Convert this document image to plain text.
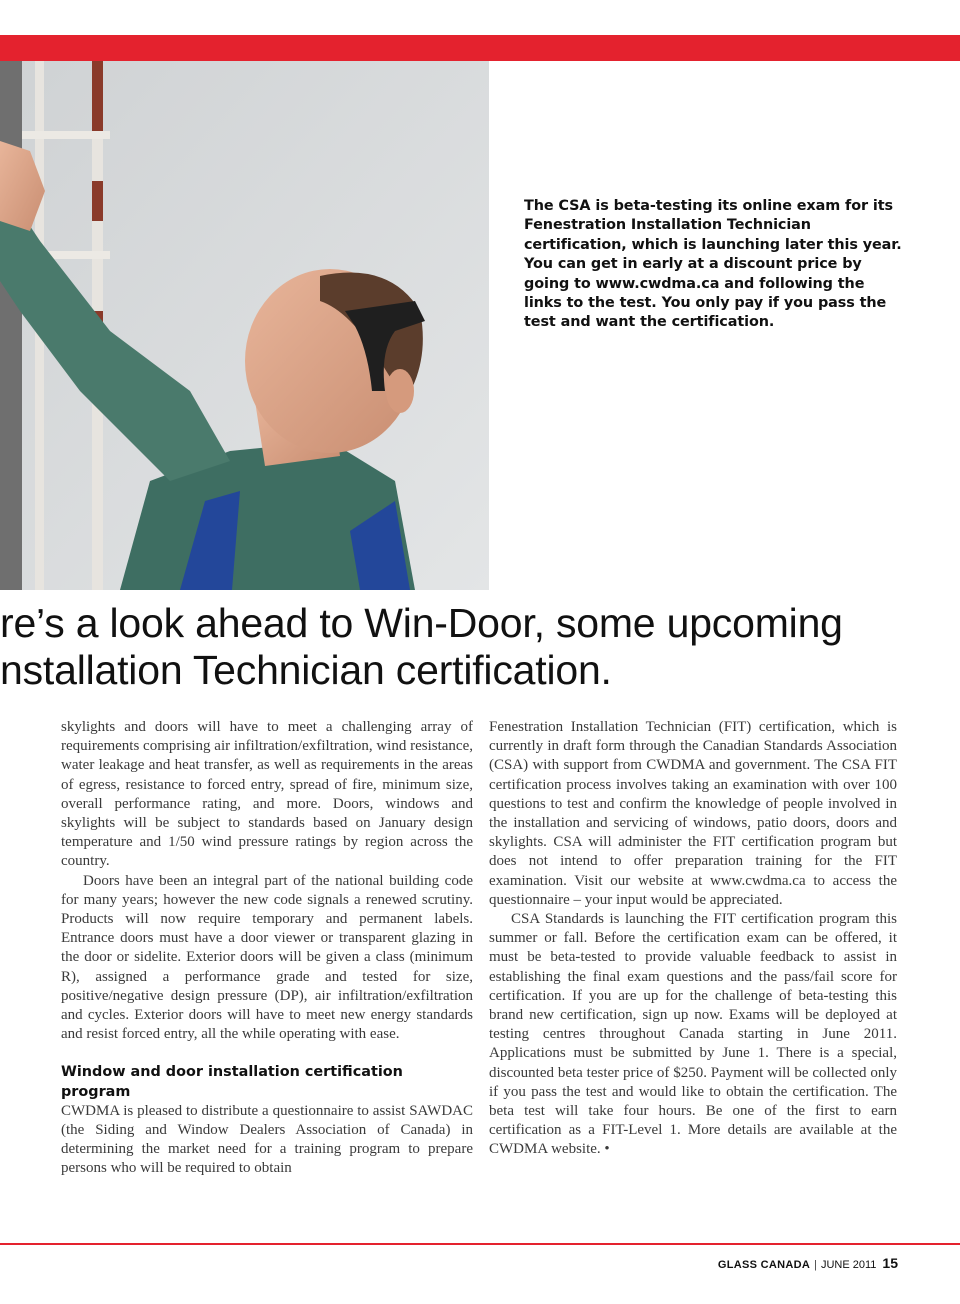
The CSA is beta-testing its online exam for its Fenestration Installation Technician certification, which is launching later this year. You can get in early at a discount price by going to www.cwdma.ca and following the links to the test. You only pay if you pass the test and want the certification.

re’s a look ahead to Win-Door, some upcoming
nstallation Technician certification.

skylights and doors will have to meet a challenging array of requirements comprising air infiltration/exfiltration, wind resistance, water leakage and heat transfer, as well as requirements in the areas of egress, resistance to forced entry, spread of fire, minimum size, overall performance rating, and more. Doors, windows and skylights will be subject to standards based on January design temperature and 1/50 wind pressure ratings by region across the country.

Doors have been an integral part of the national building code for many years; however the new code signals a renewed scrutiny. Products will now require temporary and permanent labels. Entrance doors must have a door viewer or transparent glazing in the door or sidelite. Exterior doors will be given a class (minimum R), assigned a performance grade and tested for size, positive/negative design pressure (DP), air infiltration/exfiltration and cycles. Exterior doors will have to meet new energy standards and resist forced entry, all the while operating with ease.

Window and door installation certification program

CWDMA is pleased to distribute a questionnaire to assist SAWDAC (the Siding and Window Dealers Association of Canada) in determining the market need for a training program to prepare persons who will be required to obtain

Fenestration Installation Technician (FIT) certification, which is currently in draft form through the Canadian Standards Association (CSA) with support from CWDMA and government. The CSA FIT certification process involves taking an examination with over 100 questions to test and confirm the knowledge of people involved in the installation and servicing of windows, patio doors, doors and skylights. CSA will administer the FIT certification program but does not intend to offer preparation training for the FIT examination. Visit our website at www.cwdma.ca to access the questionnaire – your input would be appreciated.

CSA Standards is launching the FIT certification program this summer or fall. Before the certification exam can be offered, it must be beta-tested to provide valuable feedback to assist in establishing the final exam questions and the pass/fail score for certification. If you are up for the challenge of beta-testing this brand new certification, sign up now. Exams will be deployed at testing centres throughout Canada starting in June 2011. Applications must be submitted by June 1. There is a special, discounted beta tester price of $250. Payment will be collected only if you pass the test and would like to obtain the certification. The beta test will take four hours. Be one of the first to earn certification as a FIT-Level 1. More details are available at the CWDMA website. •

GLASS CANADA | JUNE 2011 15
